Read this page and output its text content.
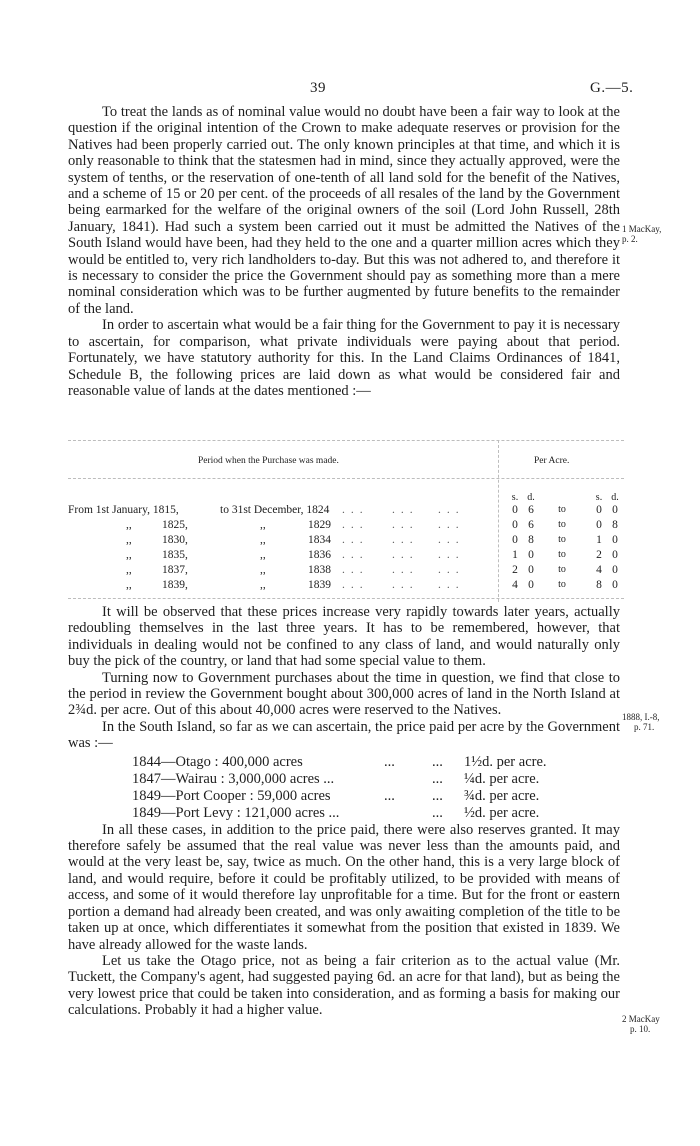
39	G.—5.

To treat the lands as of nominal value would no doubt have been a fair way to look at the question if the original intention of the Crown to make adequate reserves or provision for the Natives had been properly carried out. The only known principles at that time, and which it is only reasonable to think that the statesmen had in mind, since they actually approved, were the system of tenths, or the reservation of one-tenth of all land sold for the benefit of the Natives, and a scheme of 15 or 20 per cent. of the proceeds of all resales of the land by the Government being earmarked for the welfare of the original owners of the soil (Lord John Russell, 28th January, 1841). Had such a system been carried out it must be admitted the Natives of the South Island would have been, had they held to the one and a quarter million acres which they would be entitled to, very rich landholders to-day. But this was not adhered to, and therefore it is necessary to consider the price the Government should pay as something more than a mere nominal consideration which was to be further augmented by future benefits to the remainder of the land.

In order to ascertain what would be a fair thing for the Government to pay it is necessary to ascertain, for comparison, what private individuals were paying about that period. Fortunately, we have statutory authority for this. In the Land Claims Ordinances of 1841, Schedule B, the following prices are laid down as what would be considered fair and reasonable value of lands at the dates mentioned :—

1 MacKay,
p. 2.
Period when the Purchase was made.	Per Acre.
s. d.	s. d.
From 1st January, 1815,	to 31st December, 1824 ... ... ...	0 6	to	0 0
,,	1825,	,,	1829 ... ... ...	0 6	to	0 8
,,	1830,	,,	1834 ... ... ...	0 8	to	1 0
,,	1835,	,,	1836 ... ... ...	1 0	to	2 0
,,	1837,	,,	1838 ... ... ...	2 0	to	4 0
,,	1839,	,,	1839 ... ... ...	4 0	to	8 0

It will be observed that these prices increase very rapidly towards later years, actually redoubling themselves in the last three years. It has to be remembered, however, that individuals in dealing would not be confined to any class of land, and would naturally only buy the pick of the country, or land that had some special value to them.

Turning now to Government purchases about the time in question, we find that close to the period in review the Government bought about 300,000 acres of land in the North Island at 2¾d. per acre. Out of this about 40,000 acres were reserved to the Natives.

In the South Island, so far as we can ascertain, the price paid per acre by the Government was :—

1844—Otago : 400,000 acres	...	... 1½d. per acre.
1847—Wairau : 3,000,000 acres ...	... ¼d. per acre.
1849—Port Cooper : 59,000 acres	...	... ¾d. per acre.
1849—Port Levy : 121,000 acres ...	... ½d. per acre.

In all these cases, in addition to the price paid, there were also reserves granted. It may therefore safely be assumed that the real value was never less than the amounts paid, and would at the very least be, say, twice as much. On the other hand, this is a very large block of land, and would require, before it could be profitably utilized, to be provided with means of access, and some of it would therefore lay unprofitable for a time. But for the front or eastern portion a demand had already been created, and was only awaiting completion of the title to be taken up at once, which differentiates it somewhat from the position that existed in 1839. We have already allowed for the waste lands.

Let us take the Otago price, not as being a fair criterion as to the actual value (Mr. Tuckett, the Company's agent, had suggested paying 6d. an acre for that land), but as being the very lowest price that could be taken into consideration, and as forming a basis for making our calculations. Probably it had a higher value.

1888, I.-8,
p. 71.
2 MacKay
p. 10.
